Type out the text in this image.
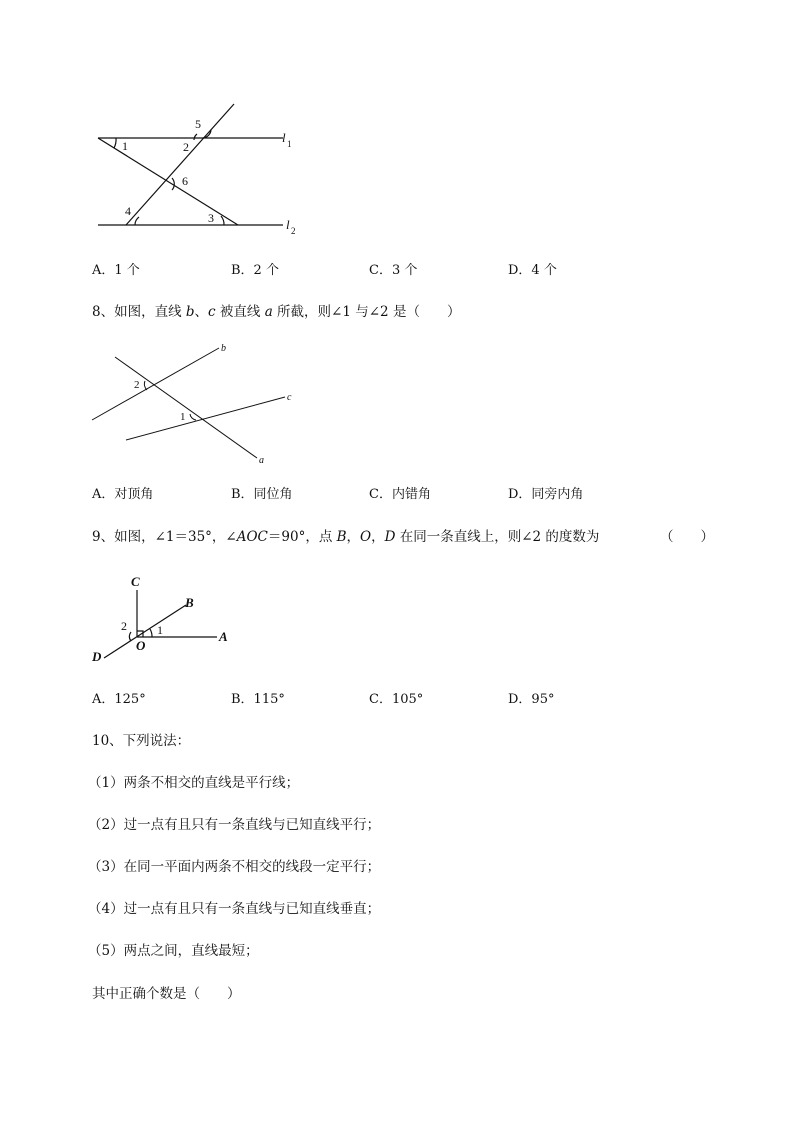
1
5
2
6
4	3
l 1
l 2
A．1 个	B．2 个	C．3 个	D．4 个
8、如图，直线 b、c 被直线 a 所截，则∠1 与∠2 是（　　）
a
b
c
2
1
A．对顶角	B．同位角	C．内错角	D．同旁内角
9、如图，∠1＝35°，∠AOC＝90°，点 B，O，D 在同一条直线上，则∠2 的度数为	（　　）
C
B
A
O
D
1
2
A．125°	B．115°	C．105°	D．95°
10、下列说法：
（1）两条不相交的直线是平行线；
（2）过一点有且只有一条直线与已知直线平行；
（3）在同一平面内两条不相交的线段一定平行；
（4）过一点有且只有一条直线与已知直线垂直；
（5）两点之间，直线最短；
其中正确个数是（　　）
